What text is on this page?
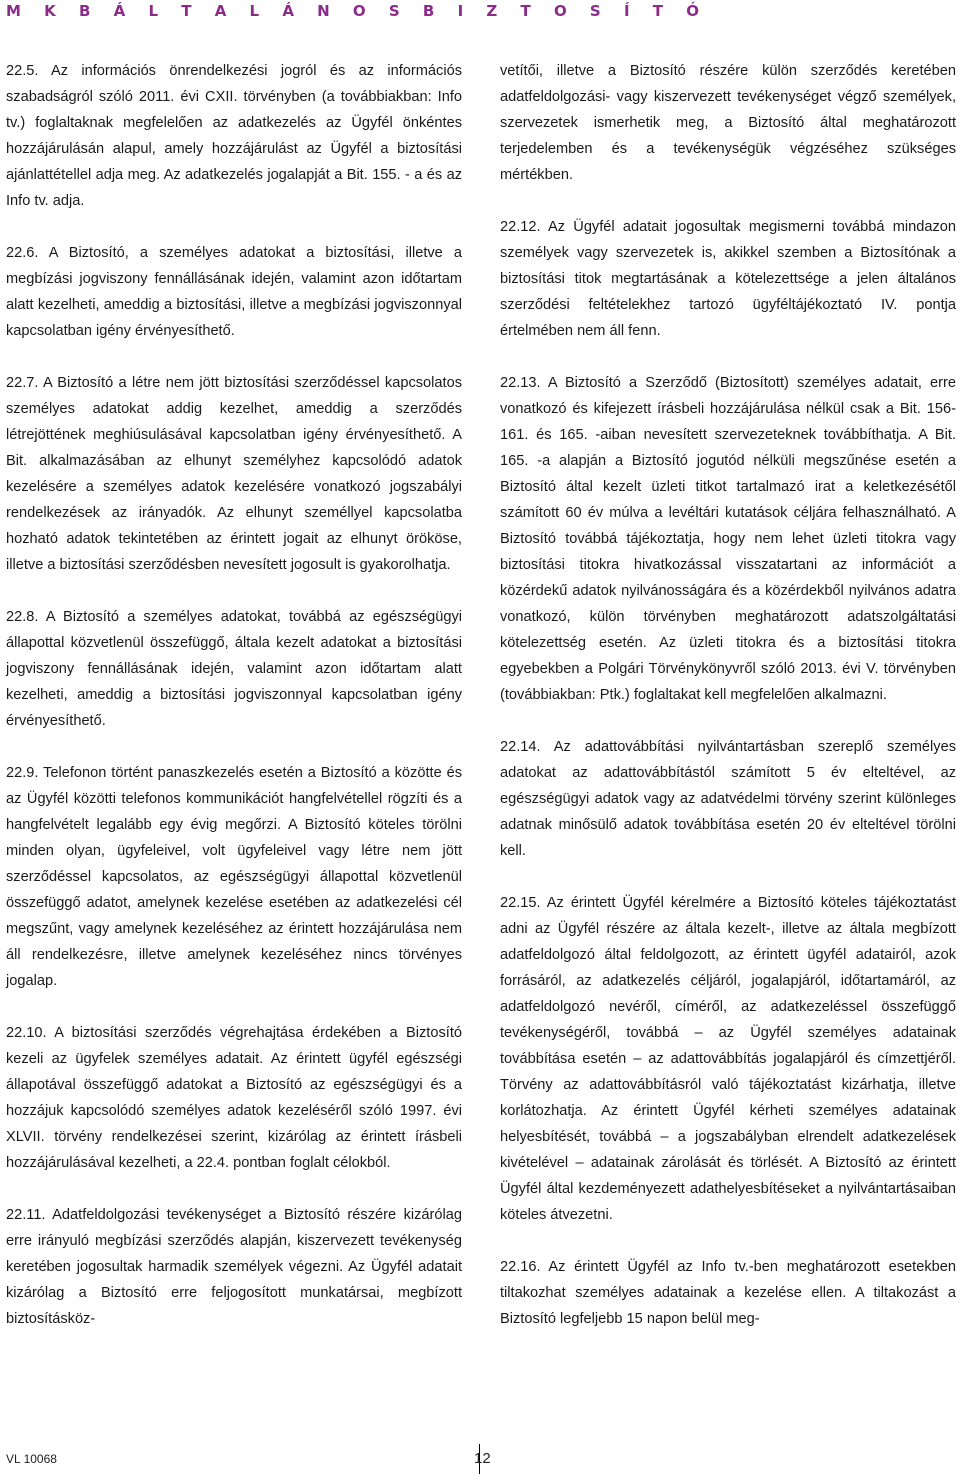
M K B Á L T A L Á N O S B I Z T O S Í T Ó

22.5. Az információs önrendelkezési jogról és az információs szabadságról szóló 2011. évi CXII. törvényben (a továbbiakban: Info tv.) foglaltaknak megfelelően az adatkezelés az Ügyfél önkéntes hozzájárulásán alapul, amely hozzájárulást az Ügyfél a biztosítási ajánlattétellel adja meg. Az adatkezelés jogalapját a Bit. 155. - a és az Info tv. adja.

22.6. A Biztosító, a személyes adatokat a biztosítási, illetve a megbízási jogviszony fennállásának idején, valamint azon időtartam alatt kezelheti, ameddig a biztosítási, illetve a megbízási jogviszonnyal kapcsolatban igény érvényesíthető.

22.7. A Biztosító a létre nem jött biztosítási szerződéssel kapcsolatos személyes adatokat addig kezelhet, ameddig a szerződés létrejöttének meghiúsulásával kapcsolatban igény érvényesíthető. A Bit. alkalmazásában az elhunyt személyhez kapcsolódó adatok kezelésére a személyes adatok kezelésére vonatkozó jogszabályi rendelkezések az irányadók. Az elhunyt személlyel kapcsolatba hozható adatok tekintetében az érintett jogait az elhunyt örököse, illetve a biztosítási szerződésben nevesített jogosult is gyakorolhatja.

22.8. A Biztosító a személyes adatokat, továbbá az egészségügyi állapottal közvetlenül összefüggő, általa kezelt adatokat a biztosítási jogviszony fennállásának idején, valamint azon időtartam alatt kezelheti, ameddig a biztosítási jogviszonnyal kapcsolatban igény érvényesíthető.

22.9. Telefonon történt panaszkezelés esetén a Biztosító a közötte és az Ügyfél közötti telefonos kommunikációt hangfelvétellel rögzíti és a hangfelvételt legalább egy évig megőrzi. A Biztosító köteles törölni minden olyan, ügyfeleivel, volt ügyfeleivel vagy létre nem jött szerződéssel kapcsolatos, az egészségügyi állapottal közvetlenül összefüggő adatot, amelynek kezelése esetében az adatkezelési cél megszűnt, vagy amelynek kezeléséhez az érintett hozzájárulása nem áll rendelkezésre, illetve amelynek kezeléséhez nincs törvényes jogalap.

22.10. A biztosítási szerződés végrehajtása érdekében a Biztosító kezeli az ügyfelek személyes adatait. Az érintett ügyfél egészségi állapotával összefüggő adatokat a Biztosító az egészségügyi és a hozzájuk kapcsolódó személyes adatok kezeléséről szóló 1997. évi XLVII. törvény rendelkezései szerint, kizárólag az érintett írásbeli hozzájárulásával kezelheti, a 22.4. pontban foglalt célokból.

22.11. Adatfeldolgozási tevékenységet a Biztosító részére kizárólag erre irányuló megbízási szerződés alapján, kiszervezett tevékenység keretében jogosultak harmadik személyek végezni. Az Ügyfél adatait kizárólag a Biztosító erre feljogosított munkatársai, megbízott biztosításköz-

vetítői, illetve a Biztosító részére külön szerződés keretében adatfeldolgozási- vagy kiszervezett tevékenységet végző személyek, szervezetek ismerhetik meg, a Biztosító által meghatározott terjedelemben és a tevékenységük végzéséhez szükséges mértékben.

22.12. Az Ügyfél adatait jogosultak megismerni továbbá mindazon személyek vagy szervezetek is, akikkel szemben a Biztosítónak a biztosítási titok megtartásának a kötelezettsége a jelen általános szerződési feltételekhez tartozó ügyféltájékoztató IV. pontja értelmében nem áll fenn.

22.13. A Biztosító a Szerződő (Biztosított) személyes adatait, erre vonatkozó és kifejezett írásbeli hozzájárulása nélkül csak a Bit. 156-161. és 165. -aiban nevesített szervezeteknek továbbíthatja. A Bit. 165. -a alapján a Biztosító jogutód nélküli megszűnése esetén a Biztosító által kezelt üzleti titkot tartalmazó irat a keletkezésétől számított 60 év múlva a levéltári kutatások céljára felhasználható. A Biztosító továbbá tájékoztatja, hogy nem lehet üzleti titokra vagy biztosítási titokra hivatkozással visszatartani az információt a közérdekű adatok nyilvánosságára és a közérdekből nyilvános adatra vonatkozó, külön törvényben meghatározott adatszolgáltatási kötelezettség esetén. Az üzleti titokra és a biztosítási titokra egyebekben a Polgári Törvénykönyvről szóló 2013. évi V. törvényben (továbbiakban: Ptk.) foglaltakat kell megfelelően alkalmazni.

22.14. Az adattovábbítási nyilvántartásban szereplő személyes adatokat az adattovábbítástól számított 5 év elteltével, az egészségügyi adatok vagy az adatvédelmi törvény szerint különleges adatnak minősülő adatok továbbítása esetén 20 év elteltével törölni kell.

22.15. Az érintett Ügyfél kérelmére a Biztosító köteles tájékoztatást adni az Ügyfél részére az általa kezelt-, illetve az általa megbízott adatfeldolgozó által feldolgozott, az érintett ügyfél adatairól, azok forrásáról, az adatkezelés céljáról, jogalapjáról, időtartamáról, az adatfeldolgozó nevéről, címéről, az adatkezeléssel összefüggő tevékenységéről, továbbá – az Ügyfél személyes adatainak továbbítása esetén – az adattovábbítás jogalapjáról és címzettjéről. Törvény az adattovábbításról való tájékoztatást kizárhatja, illetve korlátozhatja. Az érintett Ügyfél kérheti személyes adatainak helyesbítését, továbbá – a jogszabályban elrendelt adatkezelések kivételével – adatainak zárolását és törlését. A Biztosító az érintett Ügyfél által kezdeményezett adathelyesbítéseket a nyilvántartásaiban köteles átvezetni.

22.16. Az érintett Ügyfél az Info tv.-ben meghatározott esetekben tiltakozhat személyes adatainak a kezelése ellen. A tiltakozást a Biztosító legfeljebb 15 napon belül meg-

VL 10068	12
